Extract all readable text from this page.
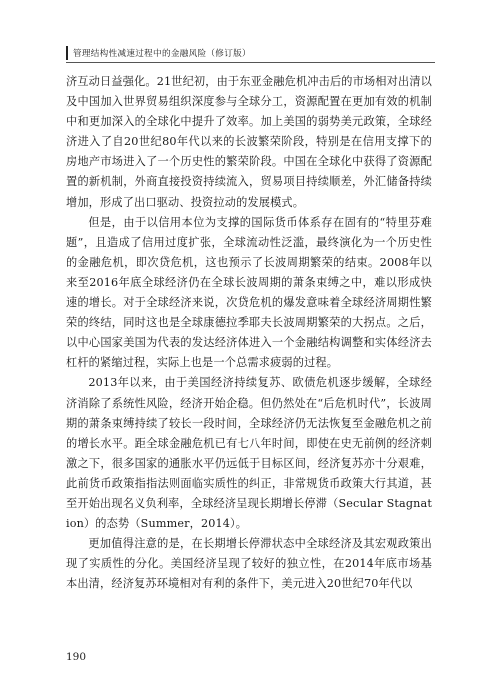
管理结构性减速过程中的金融风险（修订版）

济互动日益强化。21世纪初，由于东亚金融危机冲击后的市场相对出清以及中国加入世界贸易组织深度参与全球分工，资源配置在更加有效的机制中和更加深入的全球化中提升了效率。加上美国的弱势美元政策，全球经济进入了自20世纪80年代以来的长波繁荣阶段，特别是在信用支撑下的房地产市场进入了一个历史性的繁荣阶段。中国在全球化中获得了资源配置的新机制，外商直接投资持续流入，贸易项目持续顺差，外汇储备持续增加，形成了出口驱动、投资拉动的发展模式。

但是，由于以信用本位为支撑的国际货币体系存在固有的“特里芬难题”，且造成了信用过度扩张，全球流动性泛滥，最终演化为一个历史性的金融危机，即次贷危机，这也预示了长波周期繁荣的结束。2008年以来至2016年底全球经济仍在全球长波周期的萧条束缚之中，难以形成快速的增长。对于全球经济来说，次贷危机的爆发意味着全球经济周期性繁荣的终结，同时这也是全球康德拉季耶夫长波周期繁荣的大拐点。之后，以中心国家美国为代表的发达经济体进入一个金融结构调整和实体经济去杠杆的紧缩过程，实际上也是一个总需求疲弱的过程。

2013年以来，由于美国经济持续复苏、欧债危机逐步缓解，全球经济消除了系统性风险，经济开始企稳。但仍然处在“后危机时代”，长波周期的萧条束缚持续了较长一段时间，全球经济仍无法恢复至金融危机之前的增长水平。距全球金融危机已有七八年时间，即使在史无前例的经济刺激之下，很多国家的通胀水平仍远低于目标区间，经济复苏亦十分艰难，此前货币政策指指法则面临实质性的纠正，非常规货币政策大行其道，甚至开始出现名义负利率，全球经济呈现长期增长停滞（Secular Stagnation）的态势（Summer，2014）。

更加值得注意的是，在长期增长停滞状态中全球经济及其宏观政策出现了实质性的分化。美国经济呈现了较好的独立性，在2014年底市场基本出清，经济复苏环境相对有利的条件下，美元进入20世纪70年代以

190
